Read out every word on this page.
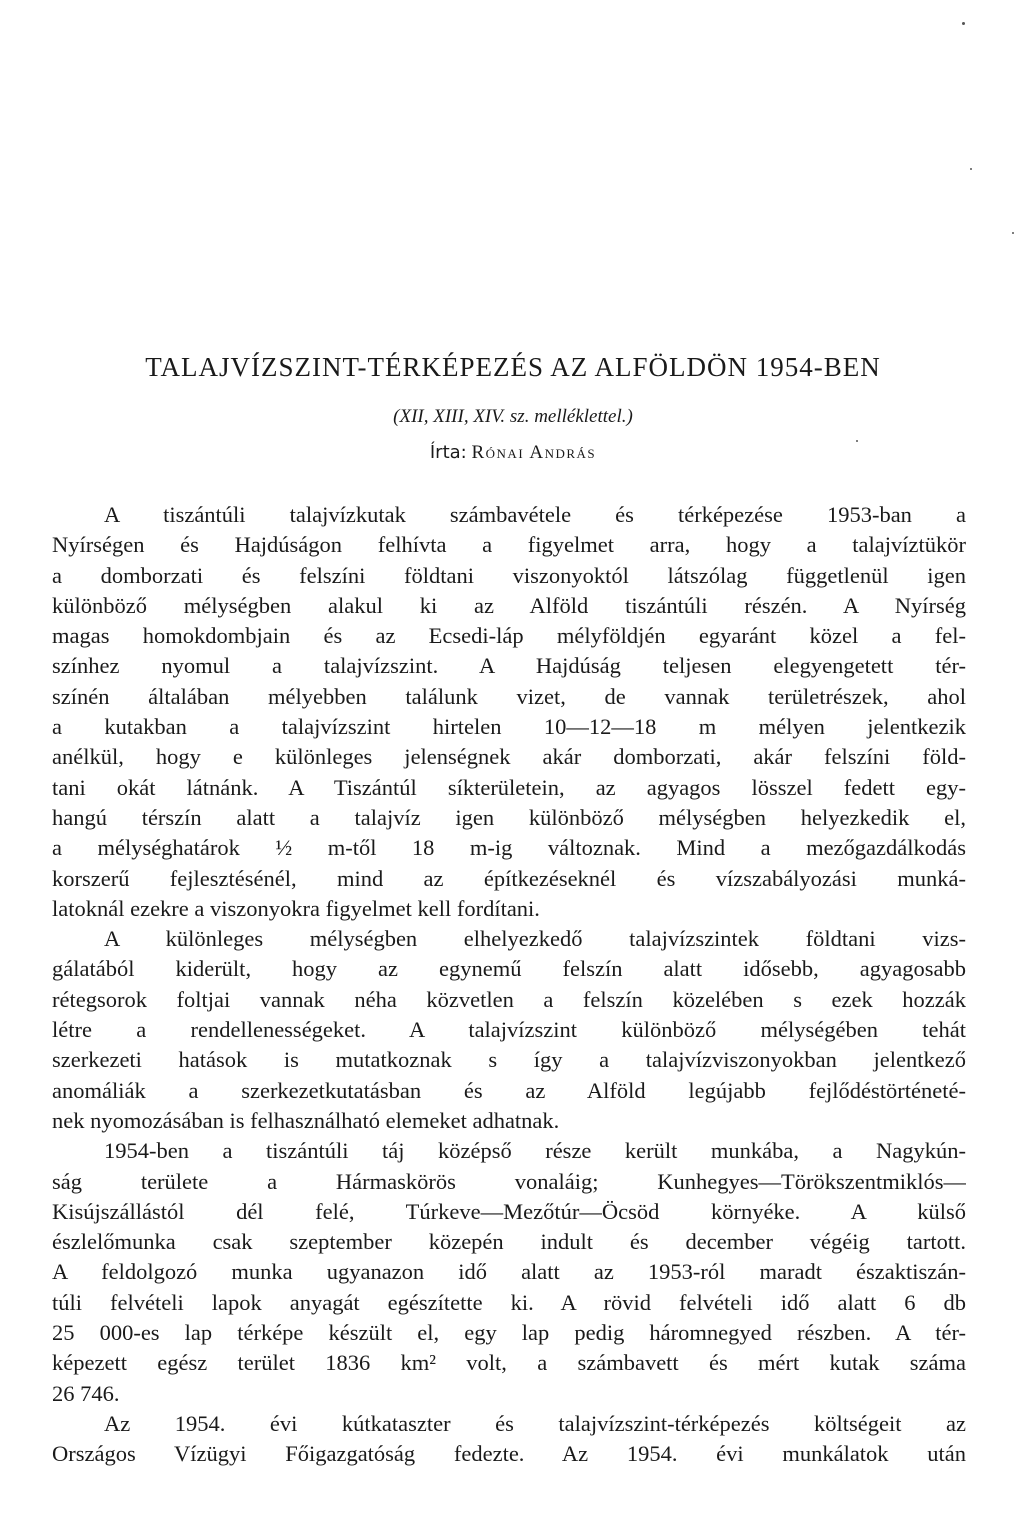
TALAJVÍZSZINT-TÉRKÉPEZÉS AZ ALFÖLDÖN 1954-BEN
(XII, XIII, XIV. sz. melléklettel.)
Írta: Rónai András
A tiszántúli talajvízkutak számbavétele és térképezése 1953-ban a
Nyírségen és Hajdúságon felhívta a figyelmet arra, hogy a talajvíztükör
a domborzati és felszíni földtani viszonyoktól látszólag függetlenül igen
különböző mélységben alakul ki az Alföld tiszántúli részén. A Nyírség
magas homokdombjain és az Ecsedi-láp mélyföldjén egyaránt közel a fel-
színhez nyomul a talajvízszint. A Hajdúság teljesen elegyengetett tér-
színén általában mélyebben találunk vizet, de vannak területrészek, ahol
a kutakban a talajvízszint hirtelen 10—12—18 m mélyen jelentkezik
anélkül, hogy e különleges jelenségnek akár domborzati, akár felszíni föld-
tani okát látnánk. A Tiszántúl síkterületein, az agyagos lösszel fedett egy-
hangú térszín alatt a talajvíz igen különböző mélységben helyezkedik el,
a mélységhatárok ½ m-től 18 m-ig változnak. Mind a mezőgazdálkodás
korszerű fejlesztésénél, mind az építkezéseknél és vízszabályozási munká-
latoknál ezekre a viszonyokra figyelmet kell fordítani.
A különleges mélységben elhelyezkedő talajvízszintek földtani vizs-
gálatából kiderült, hogy az egynemű felszín alatt idősebb, agyagosabb
rétegsorok foltjai vannak néha közvetlen a felszín közelében s ezek hozzák
létre a rendellenességeket. A talajvízszint különböző mélységében tehát
szerkezeti hatások is mutatkoznak s így a talajvízviszonyokban jelentkező
anomáliák a szerkezetkutatásban és az Alföld legújabb fejlődéstörténeté-
nek nyomozásában is felhasználható elemeket adhatnak.
1954-ben a tiszántúli táj középső része került munkába, a Nagykún-
ság területe a Hármaskörös vonaláig; Kunhegyes—Törökszentmiklós—
Kisújszállástól dél felé, Túrkeve—Mezőtúr—Öcsöd környéke. A külső
észlelőmunka csak szeptember közepén indult és december végéig tartott.
A feldolgozó munka ugyanazon idő alatt az 1953-ról maradt északtiszán-
túli felvételi lapok anyagát egészítette ki. A rövid felvételi idő alatt 6 db
25 000-es lap térképe készült el, egy lap pedig háromnegyed részben. A tér-
képezett egész terület 1836 km² volt, a számbavett és mért kutak száma
26 746.
Az 1954. évi kútkataszter és talajvízszint-térképezés költségeit az
Országos Vízügyi Főigazgatóság fedezte. Az 1954. évi munkálatok után
